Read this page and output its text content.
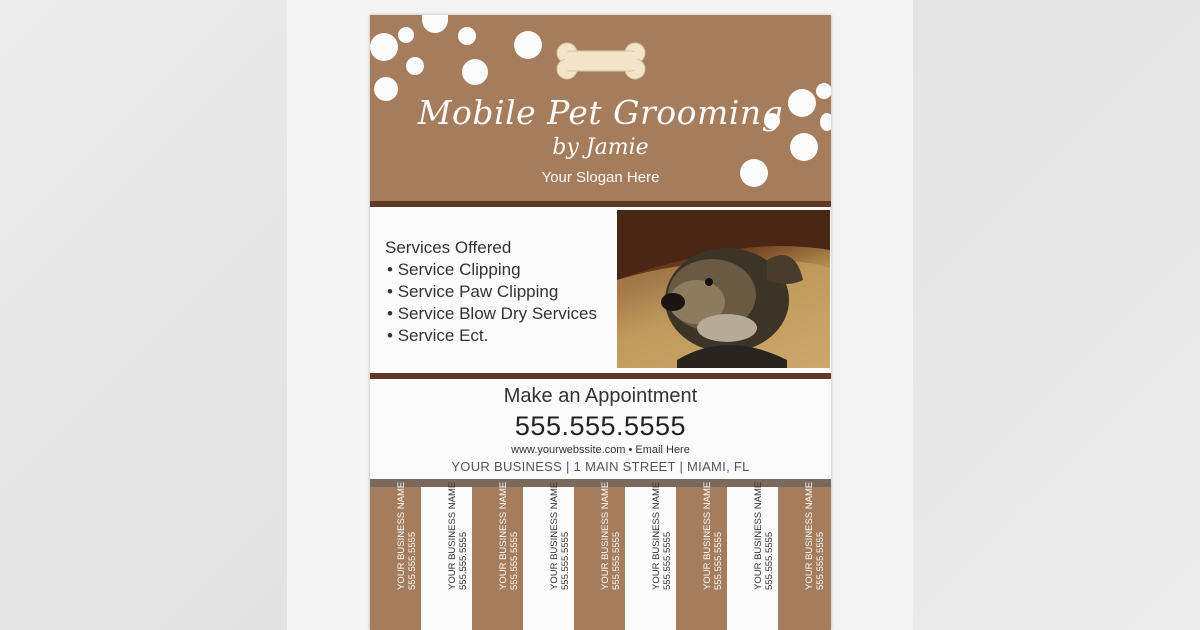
Mobile Pet Grooming
by Jamie
Your Slogan Here
Services Offered
• Service Clipping
• Service Paw Clipping
• Service Blow Dry Services
• Service Ect.
Make an Appointment
555.555.5555
www.yourwebssite.com • Email Here
YOUR BUSINESS | 1 MAIN STREET | MIAMI, FL
YOUR BUSINESS NAME 555.555.5555	YOUR BUSINESS NAME 555.555.5555	YOUR BUSINESS NAME 555.555.5555	YOUR BUSINESS NAME 555.555.5555	YOUR BUSINESS NAME 555.555.5555	YOUR BUSINESS NAME 555.555.5555	YOUR BUSINESS NAME 555.555.5555	YOUR BUSINESS NAME 555.555.5555	YOUR BUSINESS NAME 555.555.5555
